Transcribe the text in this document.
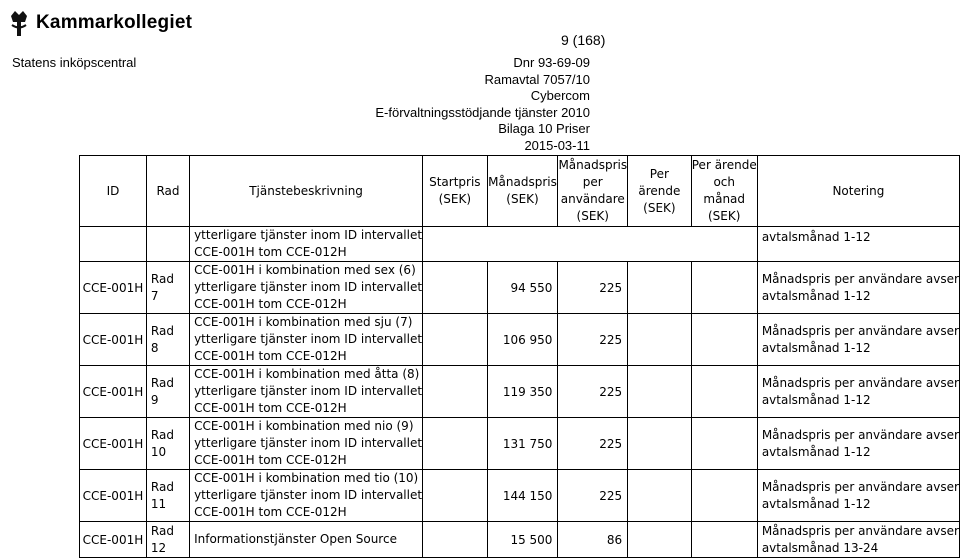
Kammarkollegiet
9 (168)
Statens inköpscentral	Dnr 93-69-09
Ramavtal 7057/10
Cybercom
E-förvaltningsstödjande tjänster 2010
Bilaga 10 Priser
2015-03-11
ID	Rad	Tjänstebeskrivning	Startpris (SEK)	Månadspris (SEK)	Månadspris per användare (SEK)	Per ärende (SEK)	Per ärende och månad (SEK)	Notering

		ytterligare tjänster inom ID intervallet
CCE-001H tom CCE-012H						avtalsmånad 1-12
CCE-001H	Rad 7	CCE-001H i kombination med sex (6)
ytterligare tjänster inom ID intervallet
CCE-001H tom CCE-012H		94 550	225			Månadspris per användare avser
avtalsmånad 1-12

CCE-001H	Rad 8	CCE-001H i kombination med sju (7)
ytterligare tjänster inom ID intervallet
CCE-001H tom CCE-012H		106 950	225			Månadspris per användare avser
avtalsmånad 1-12

CCE-001H	Rad 9	CCE-001H i kombination med åtta (8)
ytterligare tjänster inom ID intervallet
CCE-001H tom CCE-012H		119 350	225			Månadspris per användare avser
avtalsmånad 1-12

CCE-001H	Rad 10	CCE-001H i kombination med nio (9)
ytterligare tjänster inom ID intervallet
CCE-001H tom CCE-012H		131 750	225			Månadspris per användare avser
avtalsmånad 1-12

CCE-001H	Rad 11	CCE-001H i kombination med tio (10)
ytterligare tjänster inom ID intervallet
CCE-001H tom CCE-012H		144 150	225			Månadspris per användare avser
avtalsmånad 1-12

CCE-001H	Rad 12	Informationstjänster Open Source		15 500	86			Månadspris per användare avser
avtalsmånad 13-24
